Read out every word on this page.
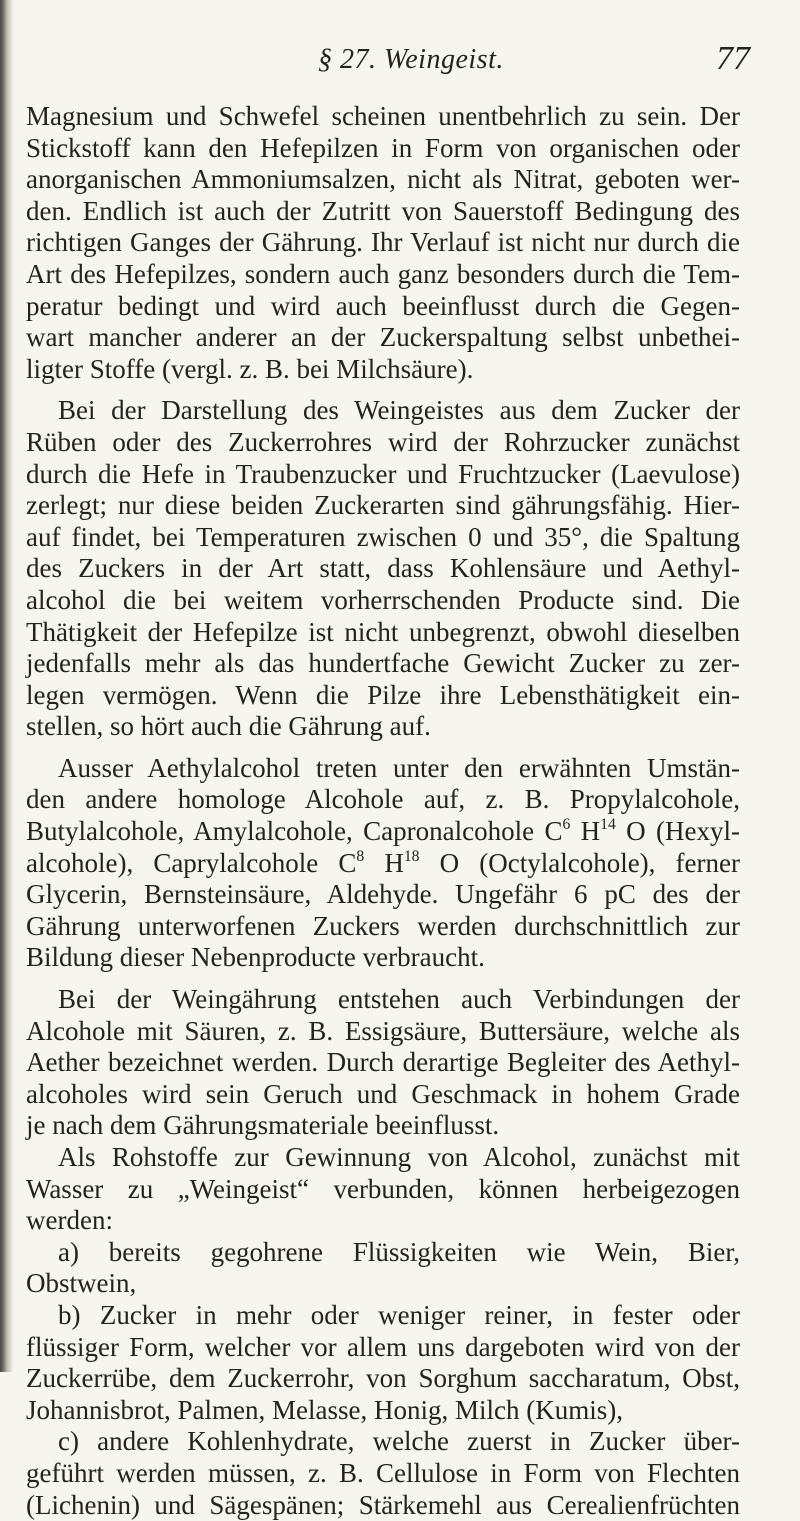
§ 27. Weingeist.	77

Magnesium und Schwefel scheinen unentbehrlich zu sein. Der

Stickstoff kann den Hefepilzen in Form von organischen oder

anorganischen Ammoniumsalzen, nicht als Nitrat, geboten wer-

den. Endlich ist auch der Zutritt von Sauerstoff Bedingung des

richtigen Ganges der Gährung. Ihr Verlauf ist nicht nur durch die

Art des Hefepilzes, sondern auch ganz besonders durch die Tem-

peratur bedingt und wird auch beeinflusst durch die Gegen-

wart mancher anderer an der Zuckerspaltung selbst unbethei-

ligter Stoffe (vergl. z. B. bei Milchsäure).

Bei der Darstellung des Weingeistes aus dem Zucker der

Rüben oder des Zuckerrohres wird der Rohrzucker zunächst

durch die Hefe in Traubenzucker und Fruchtzucker (Laevulose)

zerlegt; nur diese beiden Zuckerarten sind gährungsfähig. Hier-

auf findet, bei Temperaturen zwischen 0 und 35°, die Spaltung

des Zuckers in der Art statt, dass Kohlensäure und Aethyl-

alcohol die bei weitem vorherrschenden Producte sind. Die

Thätigkeit der Hefepilze ist nicht unbegrenzt, obwohl dieselben

jedenfalls mehr als das hundertfache Gewicht Zucker zu zer-

legen vermögen. Wenn die Pilze ihre Lebensthätigkeit ein-

stellen, so hört auch die Gährung auf.

Ausser Aethylalcohol treten unter den erwähnten Umstän-

den andere homologe Alcohole auf, z. B. Propylalcohole,

Butylalcohole, Amylalcohole, Capronalcohole $C^6$ $H^{14}$ O (Hexyl-

alcohole), Caprylalcohole $C^8$ $H^{18}$ O (Octylalcohole), ferner

Glycerin, Bernsteinsäure, Aldehyde. Ungefähr 6 pC des der

Gährung unterworfenen Zuckers werden durchschnittlich zur

Bildung dieser Nebenproducte verbraucht.

Bei der Weingährung entstehen auch Verbindungen der

Alcohole mit Säuren, z. B. Essigsäure, Buttersäure, welche als

Aether bezeichnet werden. Durch derartige Begleiter des Aethyl-

alcoholes wird sein Geruch und Geschmack in hohem Grade

je nach dem Gährungsmateriale beeinflusst.

Als Rohstoffe zur Gewinnung von Alcohol, zunächst mit

Wasser zu „Weingeist“ verbunden, können herbeigezogen

werden:

a) bereits gegohrene Flüssigkeiten wie Wein, Bier,

Obstwein,

b) Zucker in mehr oder weniger reiner, in fester oder

flüssiger Form, welcher vor allem uns dargeboten wird von der

Zuckerrübe, dem Zuckerrohr, von Sorghum saccharatum, Obst,

Johannisbrot, Palmen, Melasse, Honig, Milch (Kumis),

c) andere Kohlenhydrate, welche zuerst in Zucker über-

geführt werden müssen, z. B. Cellulose in Form von Flechten

(Lichenin) und Sägespänen; Stärkemehl aus Cerealienfrüchten
